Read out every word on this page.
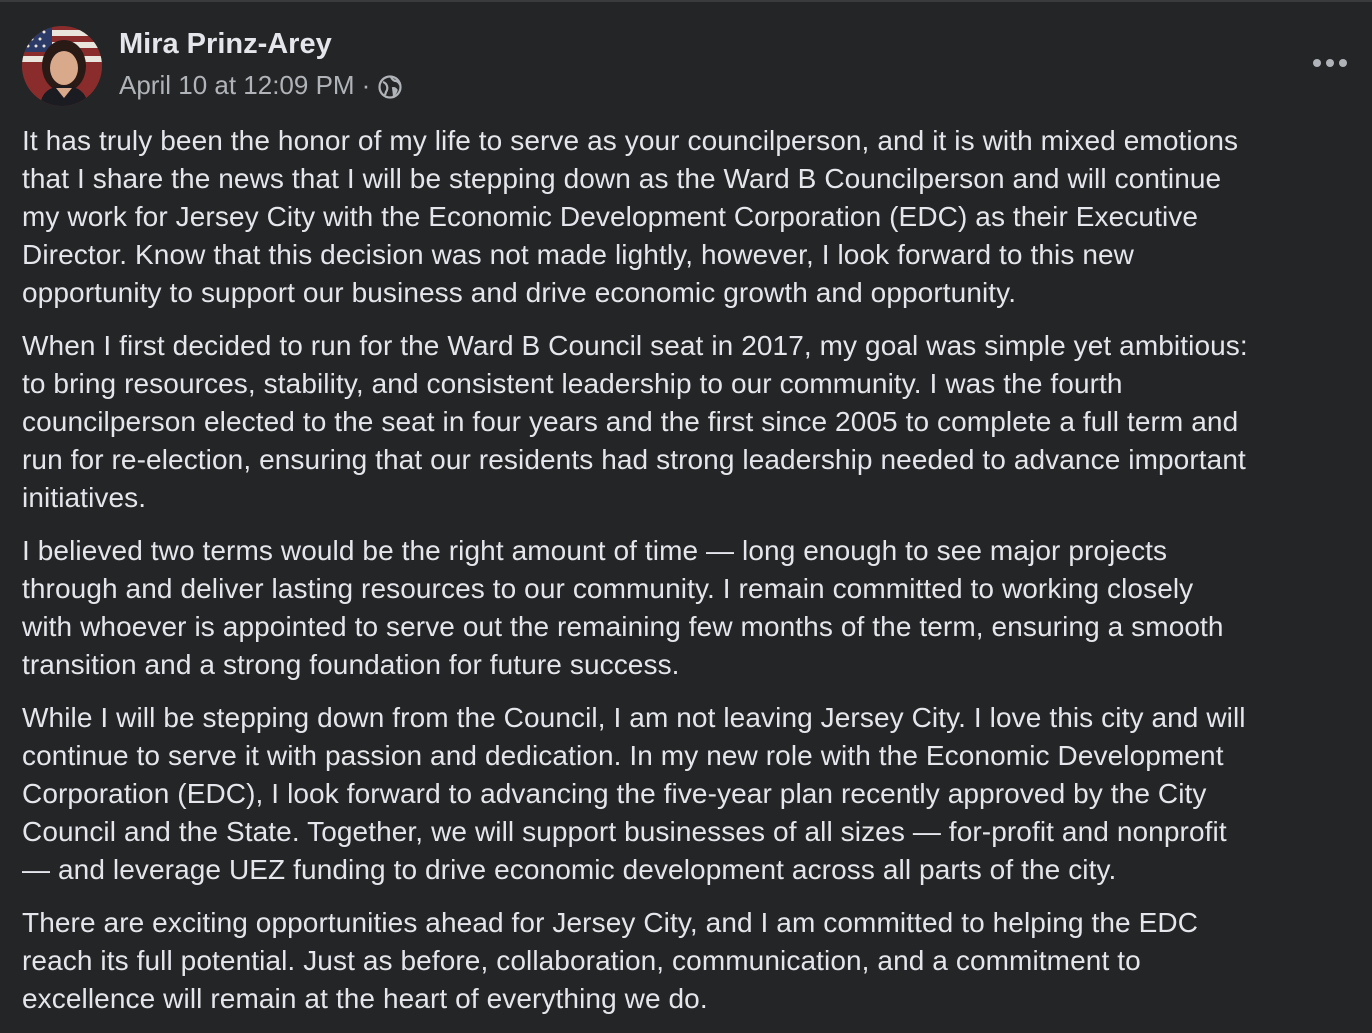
Mira Prinz-Arey
April 10 at 12:09 PM ·

It has truly been the honor of my life to serve as your councilperson, and it is with mixed emotions
that I share the news that I will be stepping down as the Ward B Councilperson and will continue
my work for Jersey City with the Economic Development Corporation (EDC) as their Executive
Director. Know that this decision was not made lightly, however, I look forward to this new
opportunity to support our business and drive economic growth and opportunity.

When I first decided to run for the Ward B Council seat in 2017, my goal was simple yet ambitious:
to bring resources, stability, and consistent leadership to our community. I was the fourth
councilperson elected to the seat in four years and the first since 2005 to complete a full term and
run for re-election, ensuring that our residents had strong leadership needed to advance important
initiatives.

I believed two terms would be the right amount of time — long enough to see major projects
through and deliver lasting resources to our community. I remain committed to working closely
with whoever is appointed to serve out the remaining few months of the term, ensuring a smooth
transition and a strong foundation for future success.

While I will be stepping down from the Council, I am not leaving Jersey City. I love this city and will
continue to serve it with passion and dedication. In my new role with the Economic Development
Corporation (EDC), I look forward to advancing the five-year plan recently approved by the City
Council and the State. Together, we will support businesses of all sizes — for-profit and nonprofit
— and leverage UEZ funding to drive economic development across all parts of the city.

There are exciting opportunities ahead for Jersey City, and I am committed to helping the EDC
reach its full potential. Just as before, collaboration, communication, and a commitment to
excellence will remain at the heart of everything we do.
